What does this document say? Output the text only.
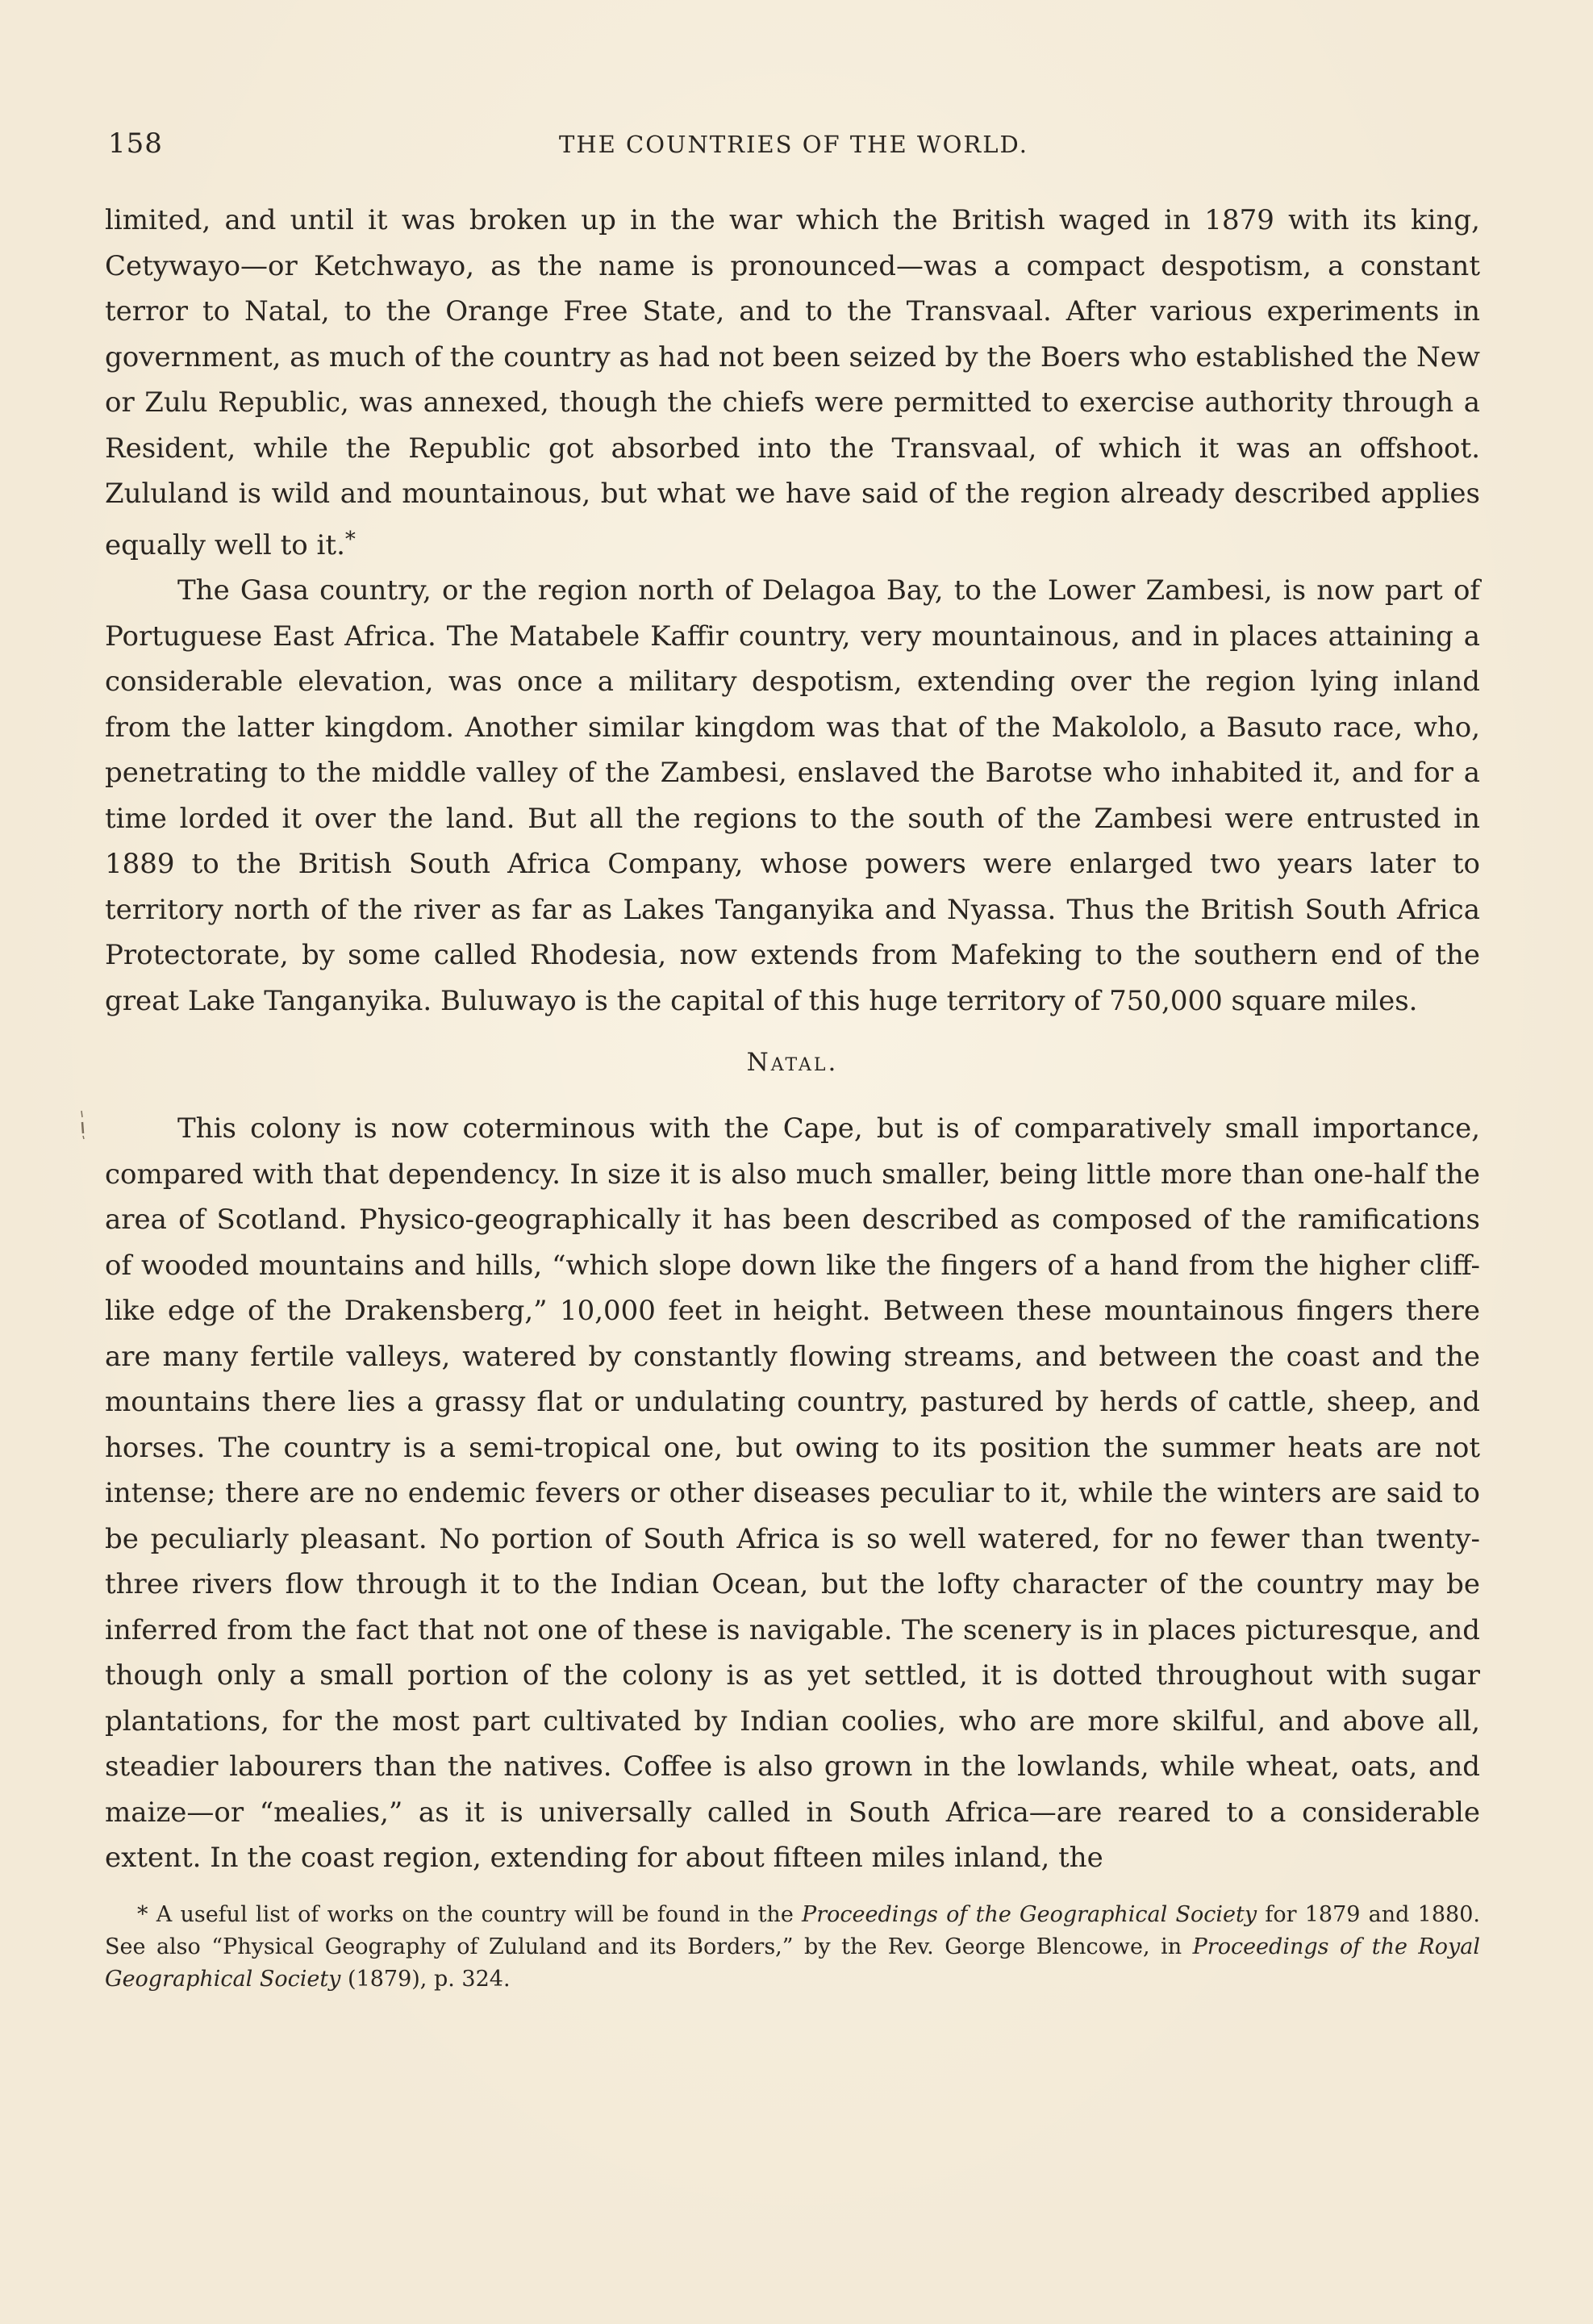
158	THE COUNTRIES OF THE WORLD.

limited, and until it was broken up in the war which the British waged in 1879 with its king, Cetywayo—or Ketchwayo, as the name is pronounced—was a compact despotism, a constant terror to Natal, to the Orange Free State, and to the Transvaal. After various experiments in government, as much of the country as had not been seized by the Boers who established the New or Zulu Republic, was annexed, though the chiefs were permitted to exercise authority through a Resident, while the Republic got absorbed into the Transvaal, of which it was an offshoot. Zululand is wild and mountainous, but what we have said of the region already described applies equally well to it.*

The Gasa country, or the region north of Delagoa Bay, to the Lower Zambesi, is now part of Portuguese East Africa. The Matabele Kaffir country, very mountainous, and in places attaining a considerable elevation, was once a military despotism, extending over the region lying inland from the latter kingdom. Another similar kingdom was that of the Makololo, a Basuto race, who, penetrating to the middle valley of the Zambesi, enslaved the Barotse who inhabited it, and for a time lorded it over the land. But all the regions to the south of the Zambesi were entrusted in 1889 to the British South Africa Company, whose powers were enlarged two years later to territory north of the river as far as Lakes Tanganyika and Nyassa. Thus the British South Africa Protectorate, by some called Rhodesia, now extends from Mafeking to the southern end of the great Lake Tanganyika. Buluwayo is the capital of this huge territory of 750,000 square miles.

Natal.

This colony is now coterminous with the Cape, but is of comparatively small importance, compared with that dependency. In size it is also much smaller, being little more than one-half the area of Scotland. Physico-geographically it has been described as composed of the ramifications of wooded mountains and hills, “which slope down like the fingers of a hand from the higher cliff-like edge of the Drakensberg,” 10,000 feet in height. Between these mountainous fingers there are many fertile valleys, watered by constantly flowing streams, and between the coast and the mountains there lies a grassy flat or undulating country, pastured by herds of cattle, sheep, and horses. The country is a semi-tropical one, but owing to its position the summer heats are not intense; there are no endemic fevers or other diseases peculiar to it, while the winters are said to be peculiarly pleasant. No portion of South Africa is so well watered, for no fewer than twenty-three rivers flow through it to the Indian Ocean, but the lofty character of the country may be inferred from the fact that not one of these is navigable. The scenery is in places picturesque, and though only a small portion of the colony is as yet settled, it is dotted throughout with sugar plantations, for the most part cultivated by Indian coolies, who are more skilful, and above all, steadier labourers than the natives. Coffee is also grown in the lowlands, while wheat, oats, and maize—or “mealies,” as it is universally called in South Africa—are reared to a considerable extent. In the coast region, extending for about fifteen miles inland, the

* A useful list of works on the country will be found in the Proceedings of the Geographical Society for 1879 and 1880. See also “Physical Geography of Zululand and its Borders,” by the Rev. George Blencowe, in Proceedings of the Royal Geographical Society (1879), p. 324.
